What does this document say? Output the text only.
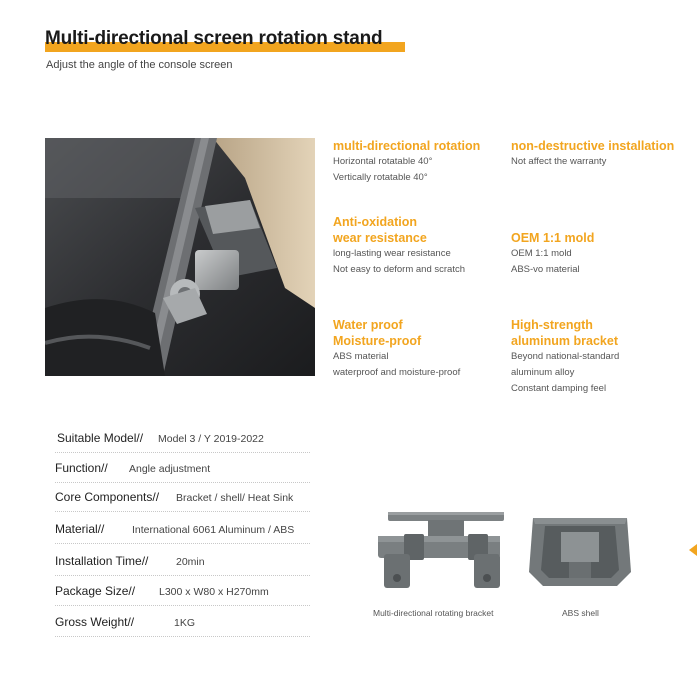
Multi-directional screen rotation stand
Adjust the angle of the console screen
multi-directional rotation
Horizontal rotatable 40°
Vertically rotatable 40°
non-destructive installation
Not affect the warranty
Anti-oxidation
wear resistance
long-lasting wear resistance
Not easy to deform and scratch
OEM 1:1 mold
OEM 1:1 mold
ABS-vo material
Water proof
Moisture-proof
ABS material
waterproof and moisture-proof
High-strength
aluminum bracket
Beyond national-standard
aluminum alloy
Constant damping feel
Suitable Model// Model 3 / Y 2019-2022
Function// Angle adjustment
Core Components// Bracket / shell/ Heat Sink
Material//	International 6061 Aluminum / ABS
Installation Time//	20min
Package Size// L300 x W80 x H270mm
Gross Weight//	1KG
Multi-directional rotating bracket	ABS shell
